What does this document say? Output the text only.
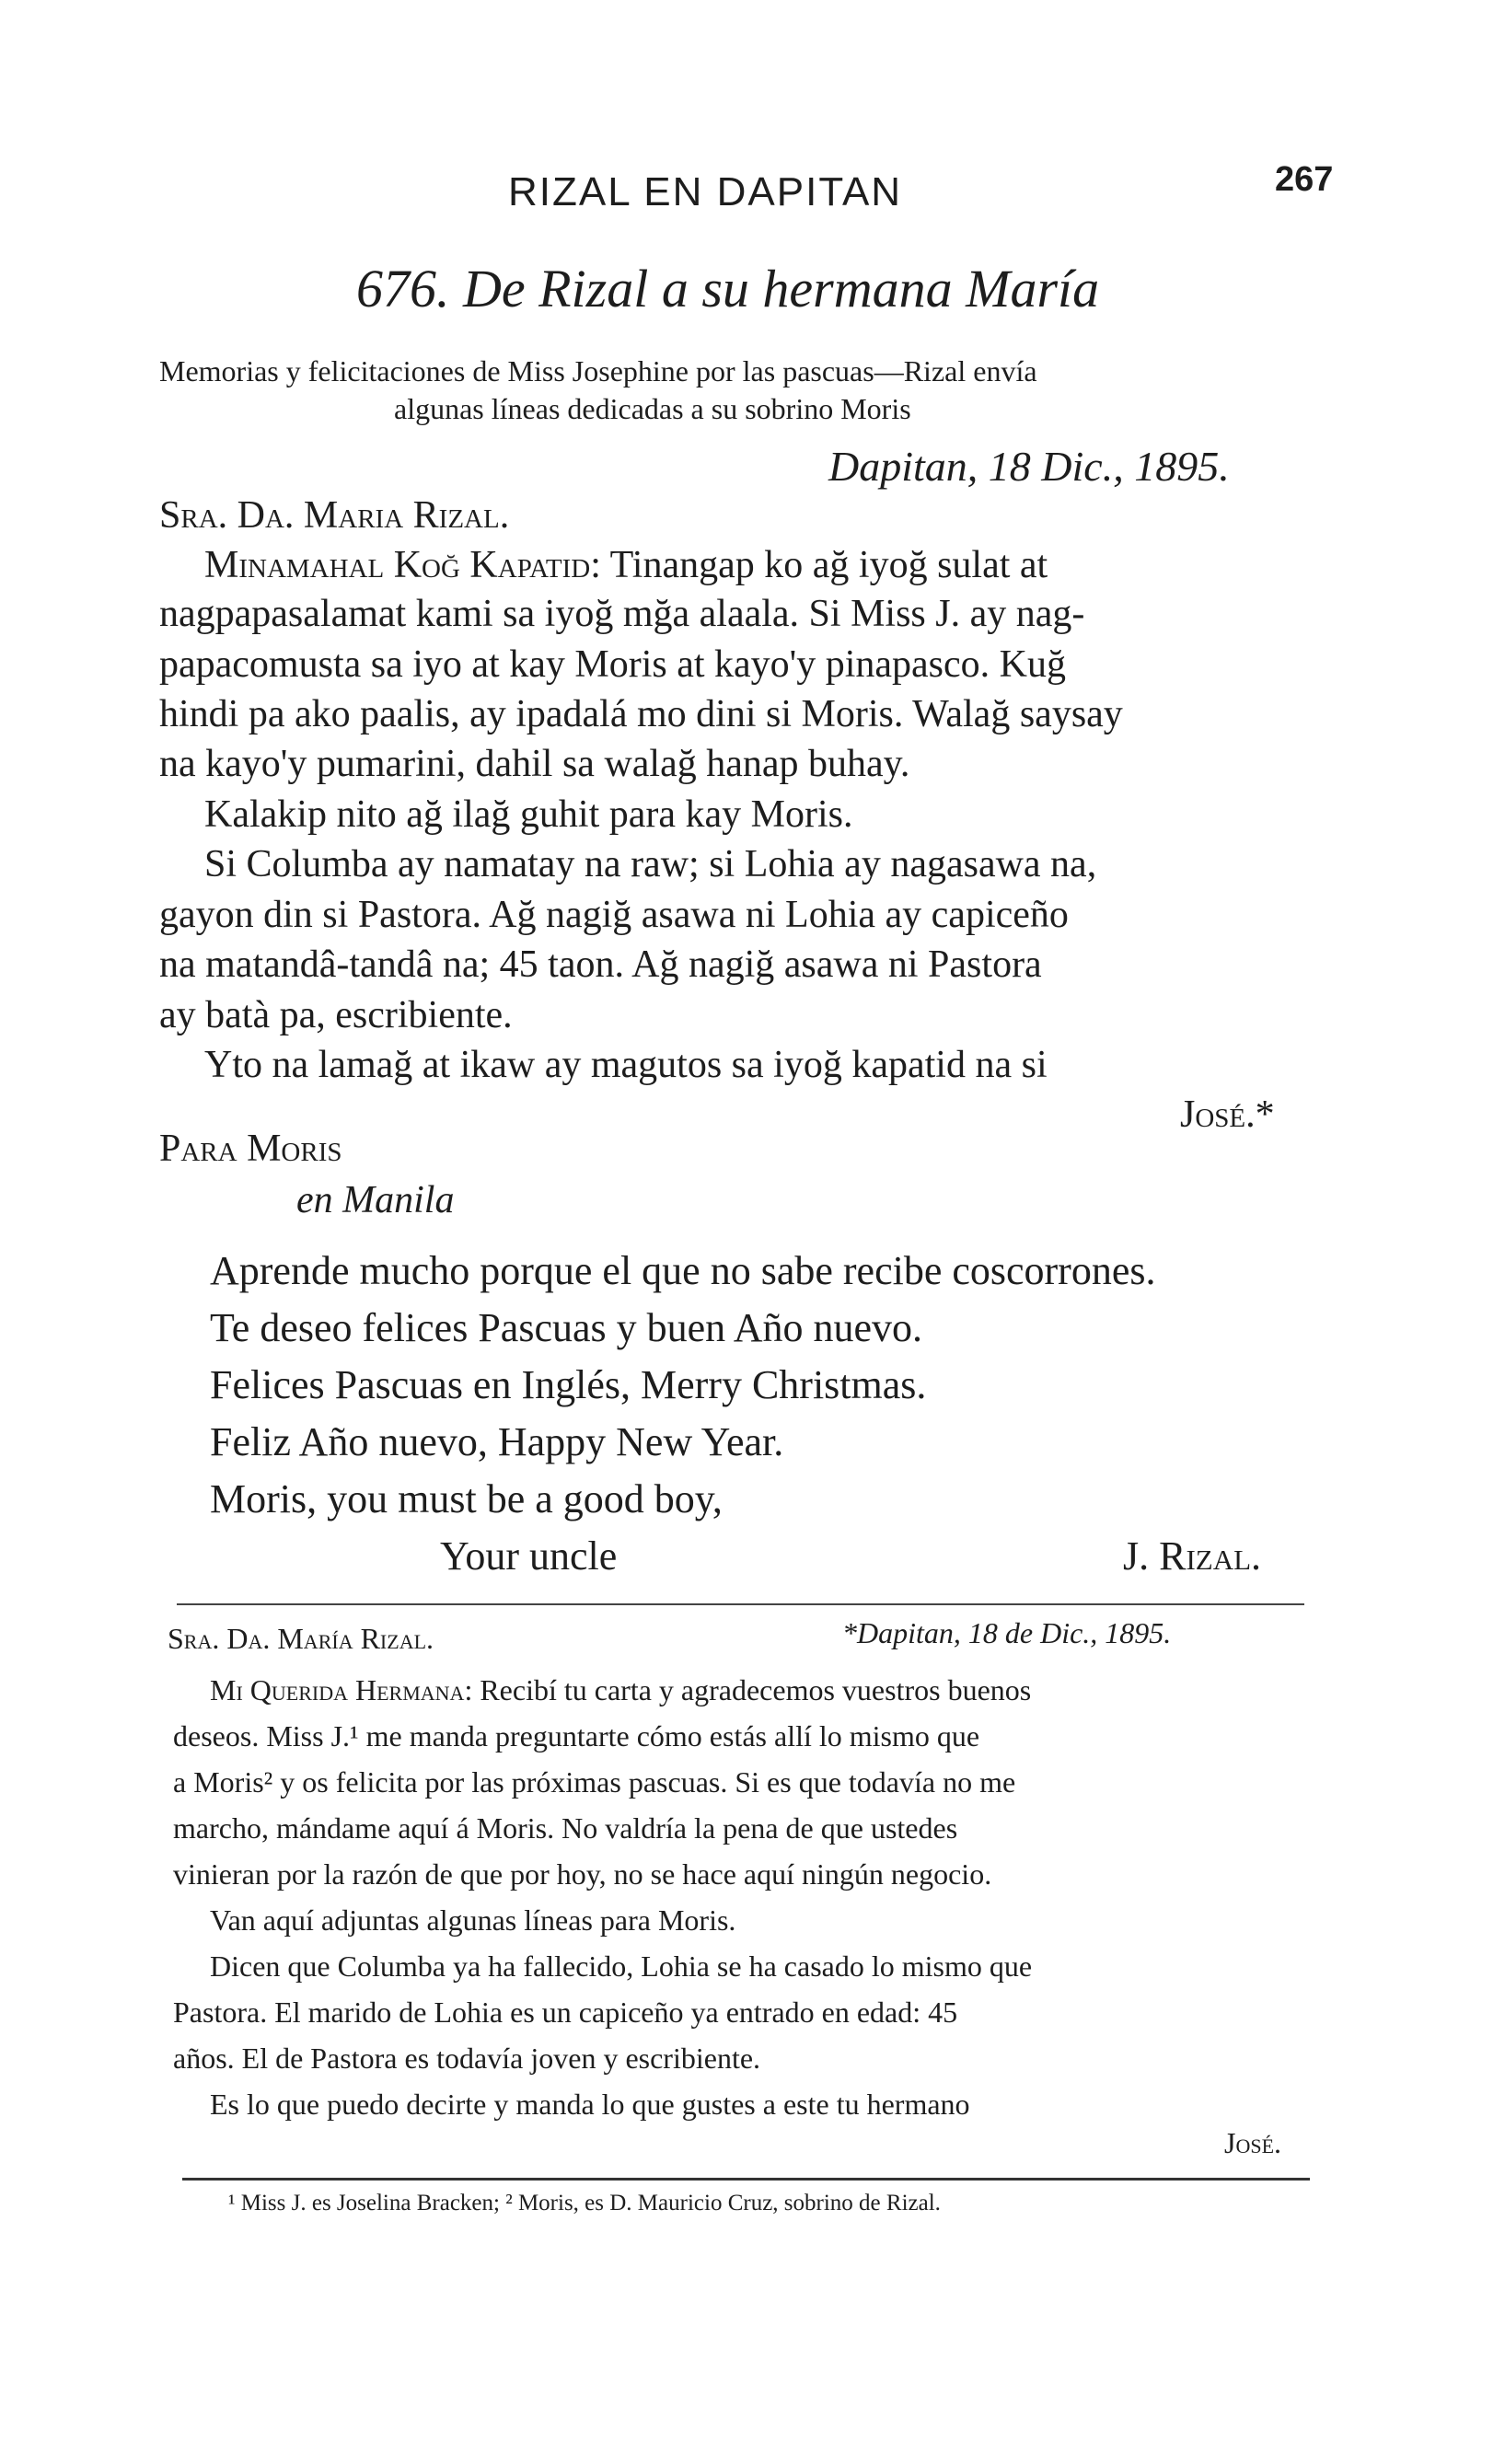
RIZAL EN DAPITAN	267
676. De Rizal a su hermana María
Memorias y felicitaciones de Miss Josephine por las pascuas—Rizal envía
algunas líneas dedicadas a su sobrino Moris
Dapitan, 18 Dic., 1895.
Sra. Da. Maria Rizal.
Minamahal Koğ Kapatid: Tinangap ko ağ iyoğ sulat at
nagpapasalamat kami sa iyoğ mğa alaala. Si Miss J. ay nag-
papacomusta sa iyo at kay Moris at kayo'y pinapasco. Kuğ
hindi pa ako paalis, ay ipadalá mo dini si Moris. Walağ saysay
na kayo'y pumarini, dahil sa walağ hanap buhay.
Kalakip nito ağ ilağ guhit para kay Moris.
Si Columba ay namatay na raw; si Lohia ay nagasawa na,
gayon din si Pastora. Ağ nagiğ asawa ni Lohia ay capiceño
na matandâ-tandâ na; 45 taon. Ağ nagiğ asawa ni Pastora
ay batà pa, escribiente.
Yto na lamağ at ikaw ay magutos sa iyoğ kapatid na si
José.*
Para Moris
en Manila
Aprende mucho porque el que no sabe recibe coscorrones.
Te deseo felices Pascuas y buen Año nuevo.
Felices Pascuas en Inglés, Merry Christmas.
Feliz Año nuevo, Happy New Year.
Moris, you must be a good boy,
Your uncle	J. Rizal.
Sra. Da. María Rizal.	*Dapitan, 18 de Dic., 1895.
Mi Querida Hermana: Recibí tu carta y agradecemos vuestros buenos
deseos. Miss J.¹ me manda preguntarte cómo estás allí lo mismo que
a Moris² y os felicita por las próximas pascuas. Si es que todavía no me
marcho, mándame aquí á Moris. No valdría la pena de que ustedes
vinieran por la razón de que por hoy, no se hace aquí ningún negocio.
Van aquí adjuntas algunas líneas para Moris.
Dicen que Columba ya ha fallecido, Lohia se ha casado lo mismo que
Pastora. El marido de Lohia es un capiceño ya entrado en edad: 45
años. El de Pastora es todavía joven y escribiente.
Es lo que puedo decirte y manda lo que gustes a este tu hermano
José.
¹ Miss J. es Joselina Bracken; ² Moris, es D. Mauricio Cruz, sobrino de Rizal.
